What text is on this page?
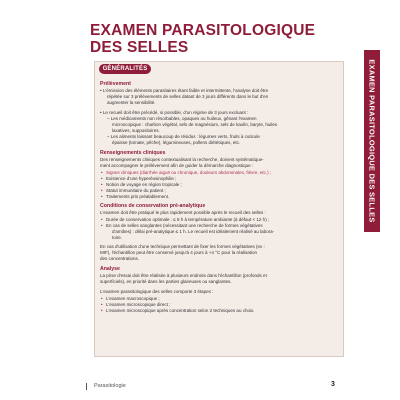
EXAMEN PARASITOLOGIQUE
DES SELLES
EXAMEN PARASITOLOGIQUE DES SELLES
GÉNÉRALITÉS
Prélèvement
• L'émission des éléments parasitaires étant faible et intermittente, l'analyse doit être
répétée sur 3 prélèvements de selles datant de 3 jours différents dans le but d'en
augmenter la sensibilité.
• Le recueil doit être précédé, si possible, d'un régime de 3 jours excluant :
– Les médicaments non résorbables, opaques ou huileux, gênant l'examen
microscopique : charbon végétal, sels de magnésium, sels de kaolin, baryte, huiles
laxatives, suppositoires.
– Les aliments laissant beaucoup de résidus : légumes verts, fruits à cuticule
épaisse (tomate, pêche), légumineuses, pollens diététiques, etc.
Renseignements cliniques
Des renseignements cliniques contextualisant la recherche, doivent systématique-
ment accompagner le prélèvement afin de guider la démarche diagnostique :
• Signes cliniques (diarrhée aiguë ou chronique, douleurs abdominales, fièvre, etc.) ;
• Existence d'une hyperéosinophilie ;
• Notion de voyage en région tropicale ;
• Statut immunitaire du patient ;
• Traitements pris préalablement.
Conditions de conservation pré-analytique
L'examen doit être pratiqué le plus rapidement possible après le recueil des selles :
• Durée de conservation optimale : ≤ 8 h à température ambiante (à défaut < 12 h) ;
• En cas de selles sanglantes (nécessitant une recherche de formes végétatives
d'amibes) : délai pré-analytique ≤ 1 h. Le recueil est idéalement réalisé au labora-
toire.
En cas d'utilisation d'une technique permettant de fixer les formes végétatives (ex :
MIF), l'échantillon peut être conservé jusqu'à 4 jours à +4 °C pour la réalisation
des concentrations.
Analyse
La prise d'essai doit être réalisée à plusieurs endroits dans l'échantillon (profonds et
superficiels), en priorité dans les parties glaireuses ou sanglantes.
L'examen parasitologique des selles comporte 3 étapes :
• L'examen macroscopique ;
• L'examen microscopique direct ;
• L'examen microscopique après concentration selon 2 techniques au choix.
Parasitologie	3
